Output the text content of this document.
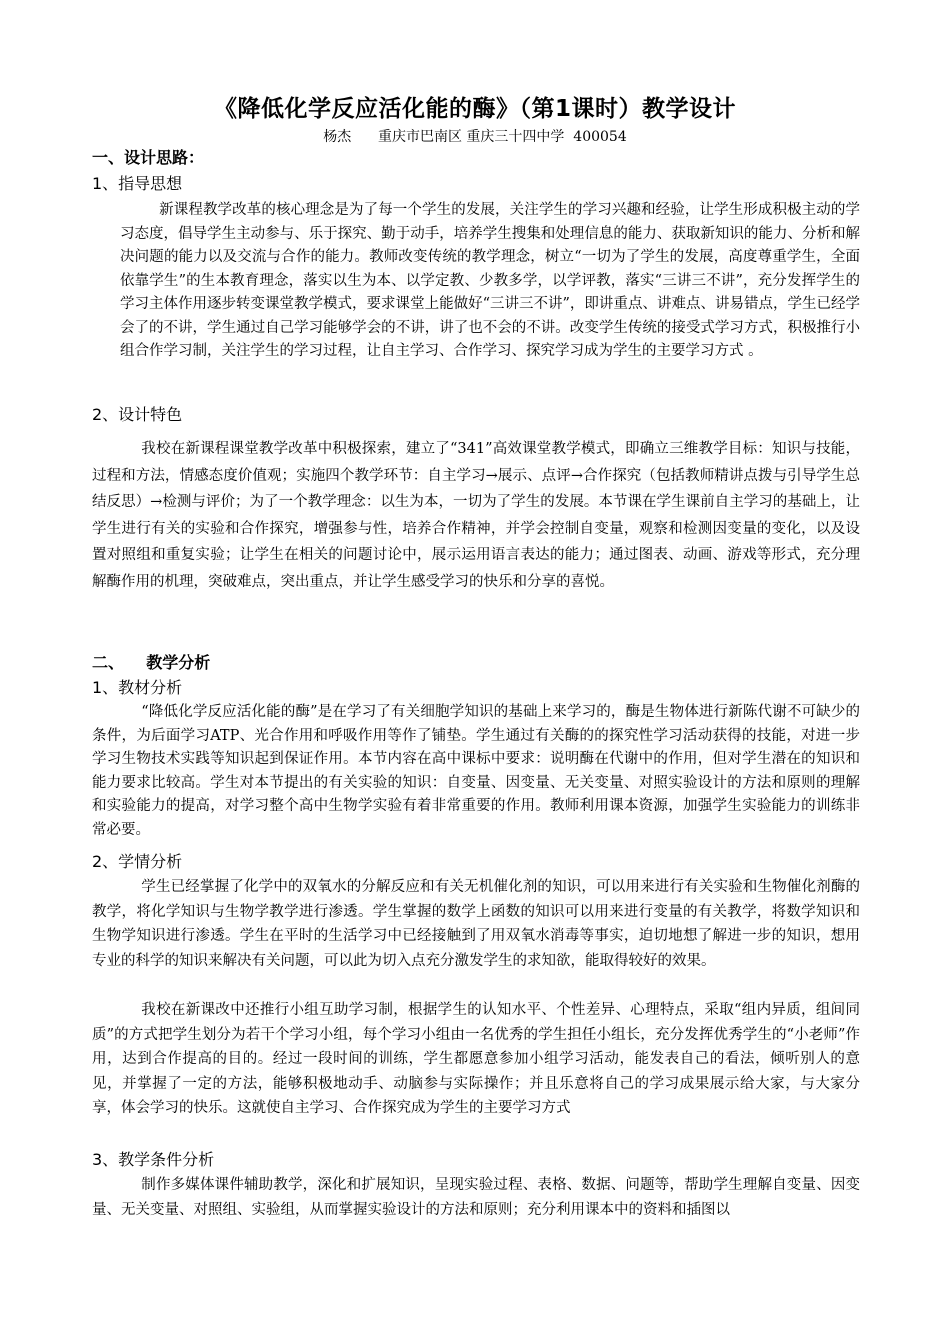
《降低化学反应活化能的酶》（第1课时）教学设计
杨杰      重庆市巴南区 重庆三十四中学  400054
一、设计思路：
1、指导思想

新课程教学改革的核心理念是为了每一个学生的发展，关注学生的学习兴趣和经验，让学生形成积极主动的学习态度，倡导学生主动参与、乐于探究、勤于动手，培养学生搜集和处理信息的能力、获取新知识的能力、分析和解决问题的能力以及交流与合作的能力。教师改变传统的教学理念，树立“一切为了学生的发展，高度尊重学生，全面依靠学生”的生本教育理念，落实以生为本、以学定教、少教多学，以学评教，落实“三讲三不讲”，充分发挥学生的学习主体作用逐步转变课堂教学模式，要求课堂上能做好“三讲三不讲”，即讲重点、讲难点、讲易错点，学生已经学会了的不讲，学生通过自己学习能够学会的不讲，讲了也不会的不讲。改变学生传统的接受式学习方式，积极推行小组合作学习制，关注学生的学习过程，让自主学习、合作学习、探究学习成为学生的主要学习方式 。

2、设计特色

我校在新课程课堂教学改革中积极探索，建立了“341”高效课堂教学模式，即确立三维教学目标：知识与技能，过程和方法，情感态度价值观；实施四个教学环节：自主学习→展示、点评→合作探究（包括教师精讲点拨与引导学生总结反思）→检测与评价；为了一个教学理念：以生为本，一切为了学生的发展。本节课在学生课前自主学习的基础上，让学生进行有关的实验和合作探究，增强参与性，培养合作精神，并学会控制自变量，观察和检测因变量的变化，以及设置对照组和重复实验；让学生在相关的问题讨论中，展示运用语言表达的能力；通过图表、动画、游戏等形式，充分理解酶作用的机理，突破难点，突出重点，并让学生感受学习的快乐和分享的喜悦。

二、    教学分析
1、教材分析

“降低化学反应活化能的酶”是在学习了有关细胞学知识的基础上来学习的，酶是生物体进行新陈代谢不可缺少的条件，为后面学习ATP、光合作用和呼吸作用等作了铺垫。学生通过有关酶的的探究性学习活动获得的技能，对进一步学习生物技术实践等知识起到保证作用。本节内容在高中课标中要求：说明酶在代谢中的作用，但对学生潜在的知识和能力要求比较高。学生对本节提出的有关实验的知识：自变量、因变量、无关变量、对照实验设计的方法和原则的理解和实验能力的提高，对学习整个高中生物学实验有着非常重要的作用。教师利用课本资源，加强学生实验能力的训练非常必要。

2、学情分析

学生已经掌握了化学中的双氧水的分解反应和有关无机催化剂的知识，可以用来进行有关实验和生物催化剂酶的教学，将化学知识与生物学教学进行渗透。学生掌握的数学上函数的知识可以用来进行变量的有关教学，将数学知识和生物学知识进行渗透。学生在平时的生活学习中已经接触到了用双氧水消毒等事实，迫切地想了解进一步的知识，想用专业的科学的知识来解决有关问题，可以此为切入点充分激发学生的求知欲，能取得较好的效果。

我校在新课改中还推行小组互助学习制，根据学生的认知水平、个性差异、心理特点，采取“组内异质，组间同质”的方式把学生划分为若干个学习小组，每个学习小组由一名优秀的学生担任小组长，充分发挥优秀学生的“小老师”作用，达到合作提高的目的。经过一段时间的训练，学生都愿意参加小组学习活动，能发表自己的看法，倾听别人的意见，并掌握了一定的方法，能够积极地动手、动脑参与实际操作；并且乐意将自己的学习成果展示给大家，与大家分享，体会学习的快乐。这就使自主学习、合作探究成为学生的主要学习方式

3、教学条件分析

制作多媒体课件辅助教学，深化和扩展知识，呈现实验过程、表格、数据、问题等，帮助学生理解自变量、因变量、无关变量、对照组、实验组，从而掌握实验设计的方法和原则；充分利用课本中的资料和插图以
